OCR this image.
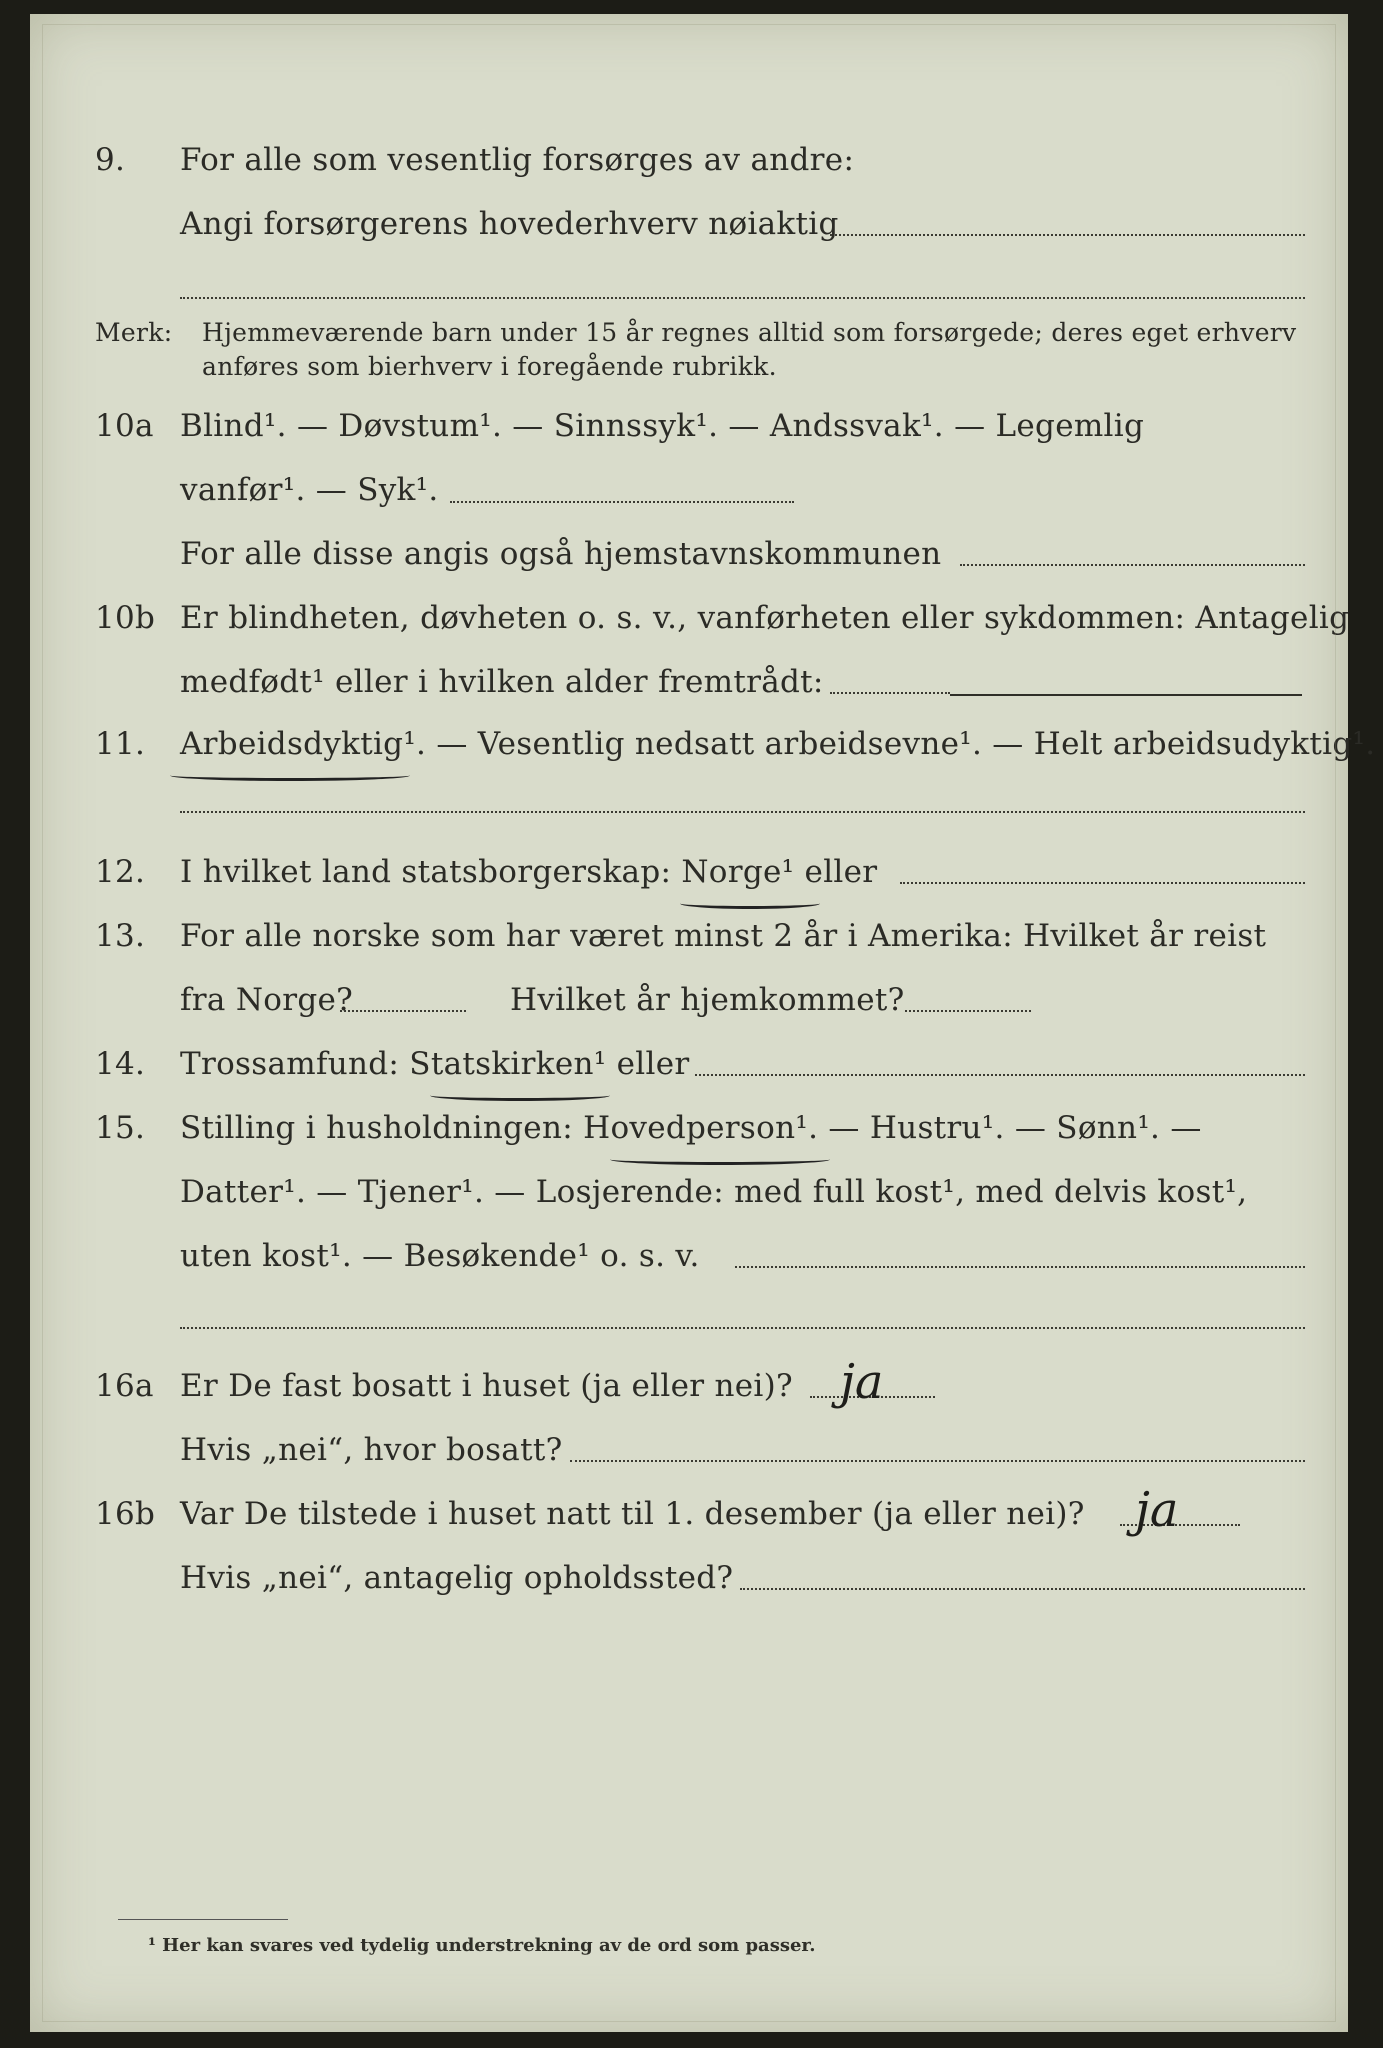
9. For alle som vesentlig forsørges av andre:
Angi forsørgerens hovederhverv nøiaktig
Merk: Hjemmeværende barn under 15 år regnes alltid som forsørgede; deres eget erhverv
anføres som bierhverv i foregående rubrikk.
10a Blind¹. — Døvstum¹. — Sinnssyk¹. — Andssvak¹. — Legemlig
vanfør¹. — Syk¹.
For alle disse angis også hjemstavnskommunen
10b Er blindheten, døvheten o. s. v., vanførheten eller sykdommen: Antagelig
medfødt¹ eller i hvilken alder fremtrådt:
11. Arbeidsdyktig¹. — Vesentlig nedsatt arbeidsevne¹. — Helt arbeidsudyktig¹.
12. I hvilket land statsborgerskap: Norge¹ eller
13. For alle norske som har været minst 2 år i Amerika: Hvilket år reist
fra Norge?	Hvilket år hjemkommet?
14. Trossamfund: Statskirken¹ eller
15. Stilling i husholdningen: Hovedperson¹. — Hustru¹. — Sønn¹. —
Datter¹. — Tjener¹. — Losjerende: med full kost¹, med delvis kost¹,
uten kost¹. — Besøkende¹ o. s. v.
16a Er De fast bosatt i huset (ja eller nei)? ja
Hvis „nei“, hvor bosatt?
16b Var De tilstede i huset natt til 1. desember (ja eller nei)? ja
Hvis „nei“, antagelig opholdssted?
¹ Her kan svares ved tydelig understrekning av de ord som passer.
